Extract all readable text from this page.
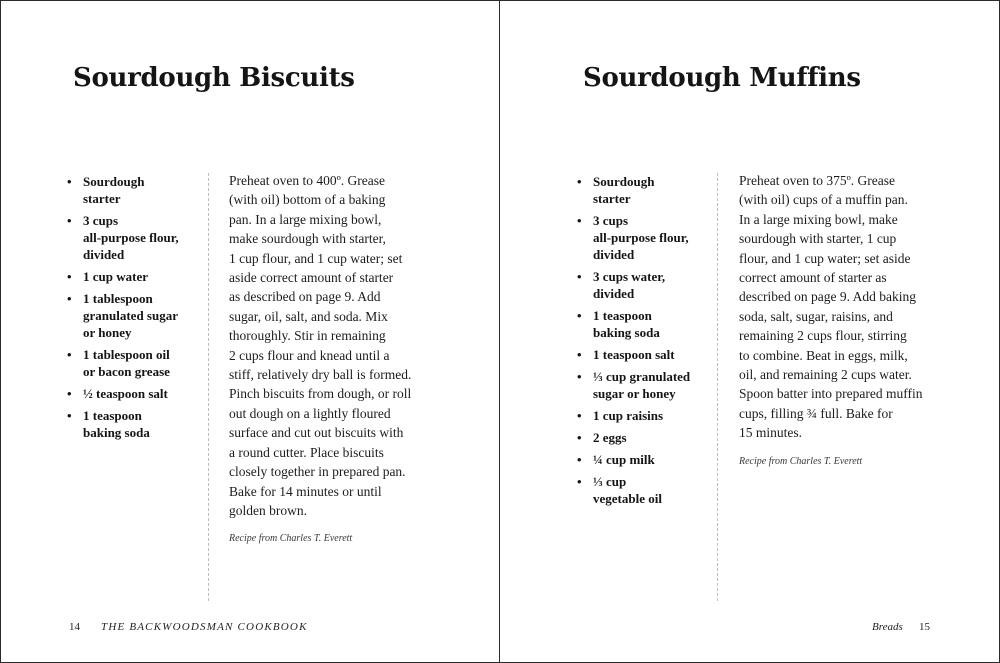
Sourdough Biscuits
• Sourdough
starter
• 3 cups
all-purpose flour,
divided
• 1 cup water
• 1 tablespoon
granulated sugar
or honey
• 1 tablespoon oil
or bacon grease
• ½ teaspoon salt
• 1 teaspoon
baking soda
Preheat oven to 400º. Grease
(with oil) bottom of a baking
pan. In a large mixing bowl,
make sourdough with starter,
1 cup flour, and 1 cup water; set
aside correct amount of starter
as described on page 9. Add
sugar, oil, salt, and soda. Mix
thoroughly. Stir in remaining
2 cups flour and knead until a
stiff, relatively dry ball is formed.
Pinch biscuits from dough, or roll
out dough on a lightly floured
surface and cut out biscuits with
a round cutter. Place biscuits
closely together in prepared pan.
Bake for 14 minutes or until
golden brown.
Recipe from Charles T. Everett
14 THE BACKWOODSMAN COOKBOOK
Sourdough Muffins
• Sourdough
starter
• 3 cups
all-purpose flour,
divided
• 3 cups water,
divided
• 1 teaspoon
baking soda
• 1 teaspoon salt
• ⅓ cup granulated
sugar or honey
• 1 cup raisins
• 2 eggs
• ¼ cup milk
• ⅓ cup
vegetable oil
Preheat oven to 375º. Grease
(with oil) cups of a muffin pan.
In a large mixing bowl, make
sourdough with starter, 1 cup
flour, and 1 cup water; set aside
correct amount of starter as
described on page 9. Add baking
soda, salt, sugar, raisins, and
remaining 2 cups flour, stirring
to combine. Beat in eggs, milk,
oil, and remaining 2 cups water.
Spoon batter into prepared muffin
cups, filling ¾ full. Bake for
15 minutes.
Recipe from Charles T. Everett
Breads 15
